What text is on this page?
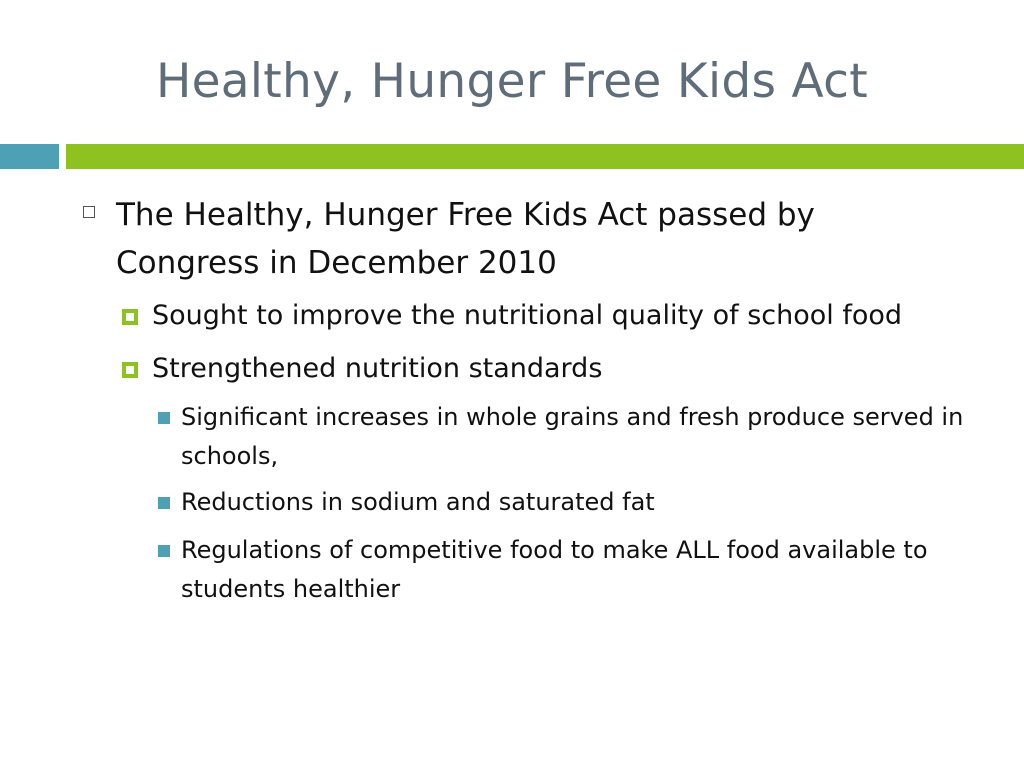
Healthy, Hunger Free Kids Act
The Healthy, Hunger Free Kids Act passed by Congress in December 2010
Sought to improve the nutritional quality of school food
Strengthened nutrition standards
Significant increases in whole grains and fresh produce served in schools,
Reductions in sodium and saturated fat
Regulations of competitive food to make ALL food available to students healthier
